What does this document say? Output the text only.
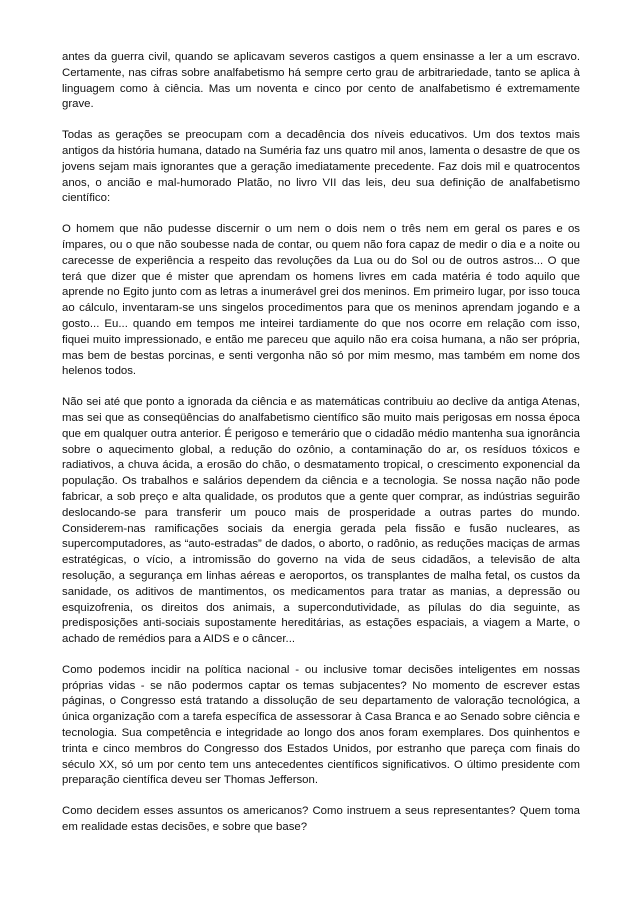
antes da guerra civil, quando se aplicavam severos castigos a quem ensinasse a ler a um escravo. Certamente, nas cifras sobre analfabetismo há sempre certo grau de arbitrariedade, tanto se aplica à linguagem como à ciência. Mas um noventa e cinco por cento de analfabetismo é extremamente grave.

Todas as gerações se preocupam com a decadência dos níveis educativos. Um dos textos mais antigos da história humana, datado na Suméria faz uns quatro mil anos, lamenta o desastre de que os jovens sejam mais ignorantes que a geração imediatamente precedente. Faz dois mil e quatrocentos anos, o ancião e mal-humorado Platão, no livro VII das leis, deu sua definição de analfabetismo científico:

O homem que não pudesse discernir o um nem o dois nem o três nem em geral os pares e os ímpares, ou o que não soubesse nada de contar, ou quem não fora capaz de medir o dia e a noite ou carecesse de experiência a respeito das revoluções da Lua ou do Sol ou de outros astros... O que terá que dizer que é mister que aprendam os homens livres em cada matéria é todo aquilo que aprende no Egito junto com as letras a inumerável grei dos meninos. Em primeiro lugar, por isso touca ao cálculo, inventaram-se uns singelos procedimentos para que os meninos aprendam jogando e a gosto... Eu... quando em tempos me inteirei tardiamente do que nos ocorre em relação com isso, fiquei muito impressionado, e então me pareceu que aquilo não era coisa humana, a não ser própria, mas bem de bestas porcinas, e senti vergonha não só por mim mesmo, mas também em nome dos helenos todos.

Não sei até que ponto a ignorada da ciência e as matemáticas contribuiu ao declive da antiga Atenas, mas sei que as conseqüências do analfabetismo científico são muito mais perigosas em nossa época que em qualquer outra anterior. É perigoso e temerário que o cidadão médio mantenha sua ignorância sobre o aquecimento global, a redução do ozônio, a contaminação do ar, os resíduos tóxicos e radiativos, a chuva ácida, a erosão do chão, o desmatamento tropical, o crescimento exponencial da população. Os trabalhos e salários dependem da ciência e a tecnologia. Se nossa nação não pode fabricar, a sob preço e alta qualidade, os produtos que a gente quer comprar, as indústrias seguirão deslocando-se para transferir um pouco mais de prosperidade a outras partes do mundo. Considerem-nas ramificações sociais da energia gerada pela fissão e fusão nucleares, as supercomputadores, as “auto-estradas” de dados, o aborto, o radônio, as reduções maciças de armas estratégicas, o vício, a intromissão do governo na vida de seus cidadãos, a televisão de alta resolução, a segurança em linhas aéreas e aeroportos, os transplantes de malha fetal, os custos da sanidade, os aditivos de mantimentos, os medicamentos para tratar as manias, a depressão ou esquizofrenia, os direitos dos animais, a supercondutividade, as pílulas do dia seguinte, as predisposições anti-sociais supostamente hereditárias, as estações espaciais, a viagem a Marte, o achado de remédios para a AIDS e o câncer...

Como podemos incidir na política nacional - ou inclusive tomar decisões inteligentes em nossas próprias vidas - se não podermos captar os temas subjacentes? No momento de escrever estas páginas, o Congresso está tratando a dissolução de seu departamento de valoração tecnológica, a única organização com a tarefa específica de assessorar à Casa Branca e ao Senado sobre ciência e tecnologia. Sua competência e integridade ao longo dos anos foram exemplares. Dos quinhentos e trinta e cinco membros do Congresso dos Estados Unidos, por estranho que pareça com finais do século XX, só um por cento tem uns antecedentes científicos significativos. O último presidente com preparação científica deveu ser Thomas Jefferson.

Como decidem esses assuntos os americanos? Como instruem a seus representantes? Quem toma em realidade estas decisões, e sobre que base?
